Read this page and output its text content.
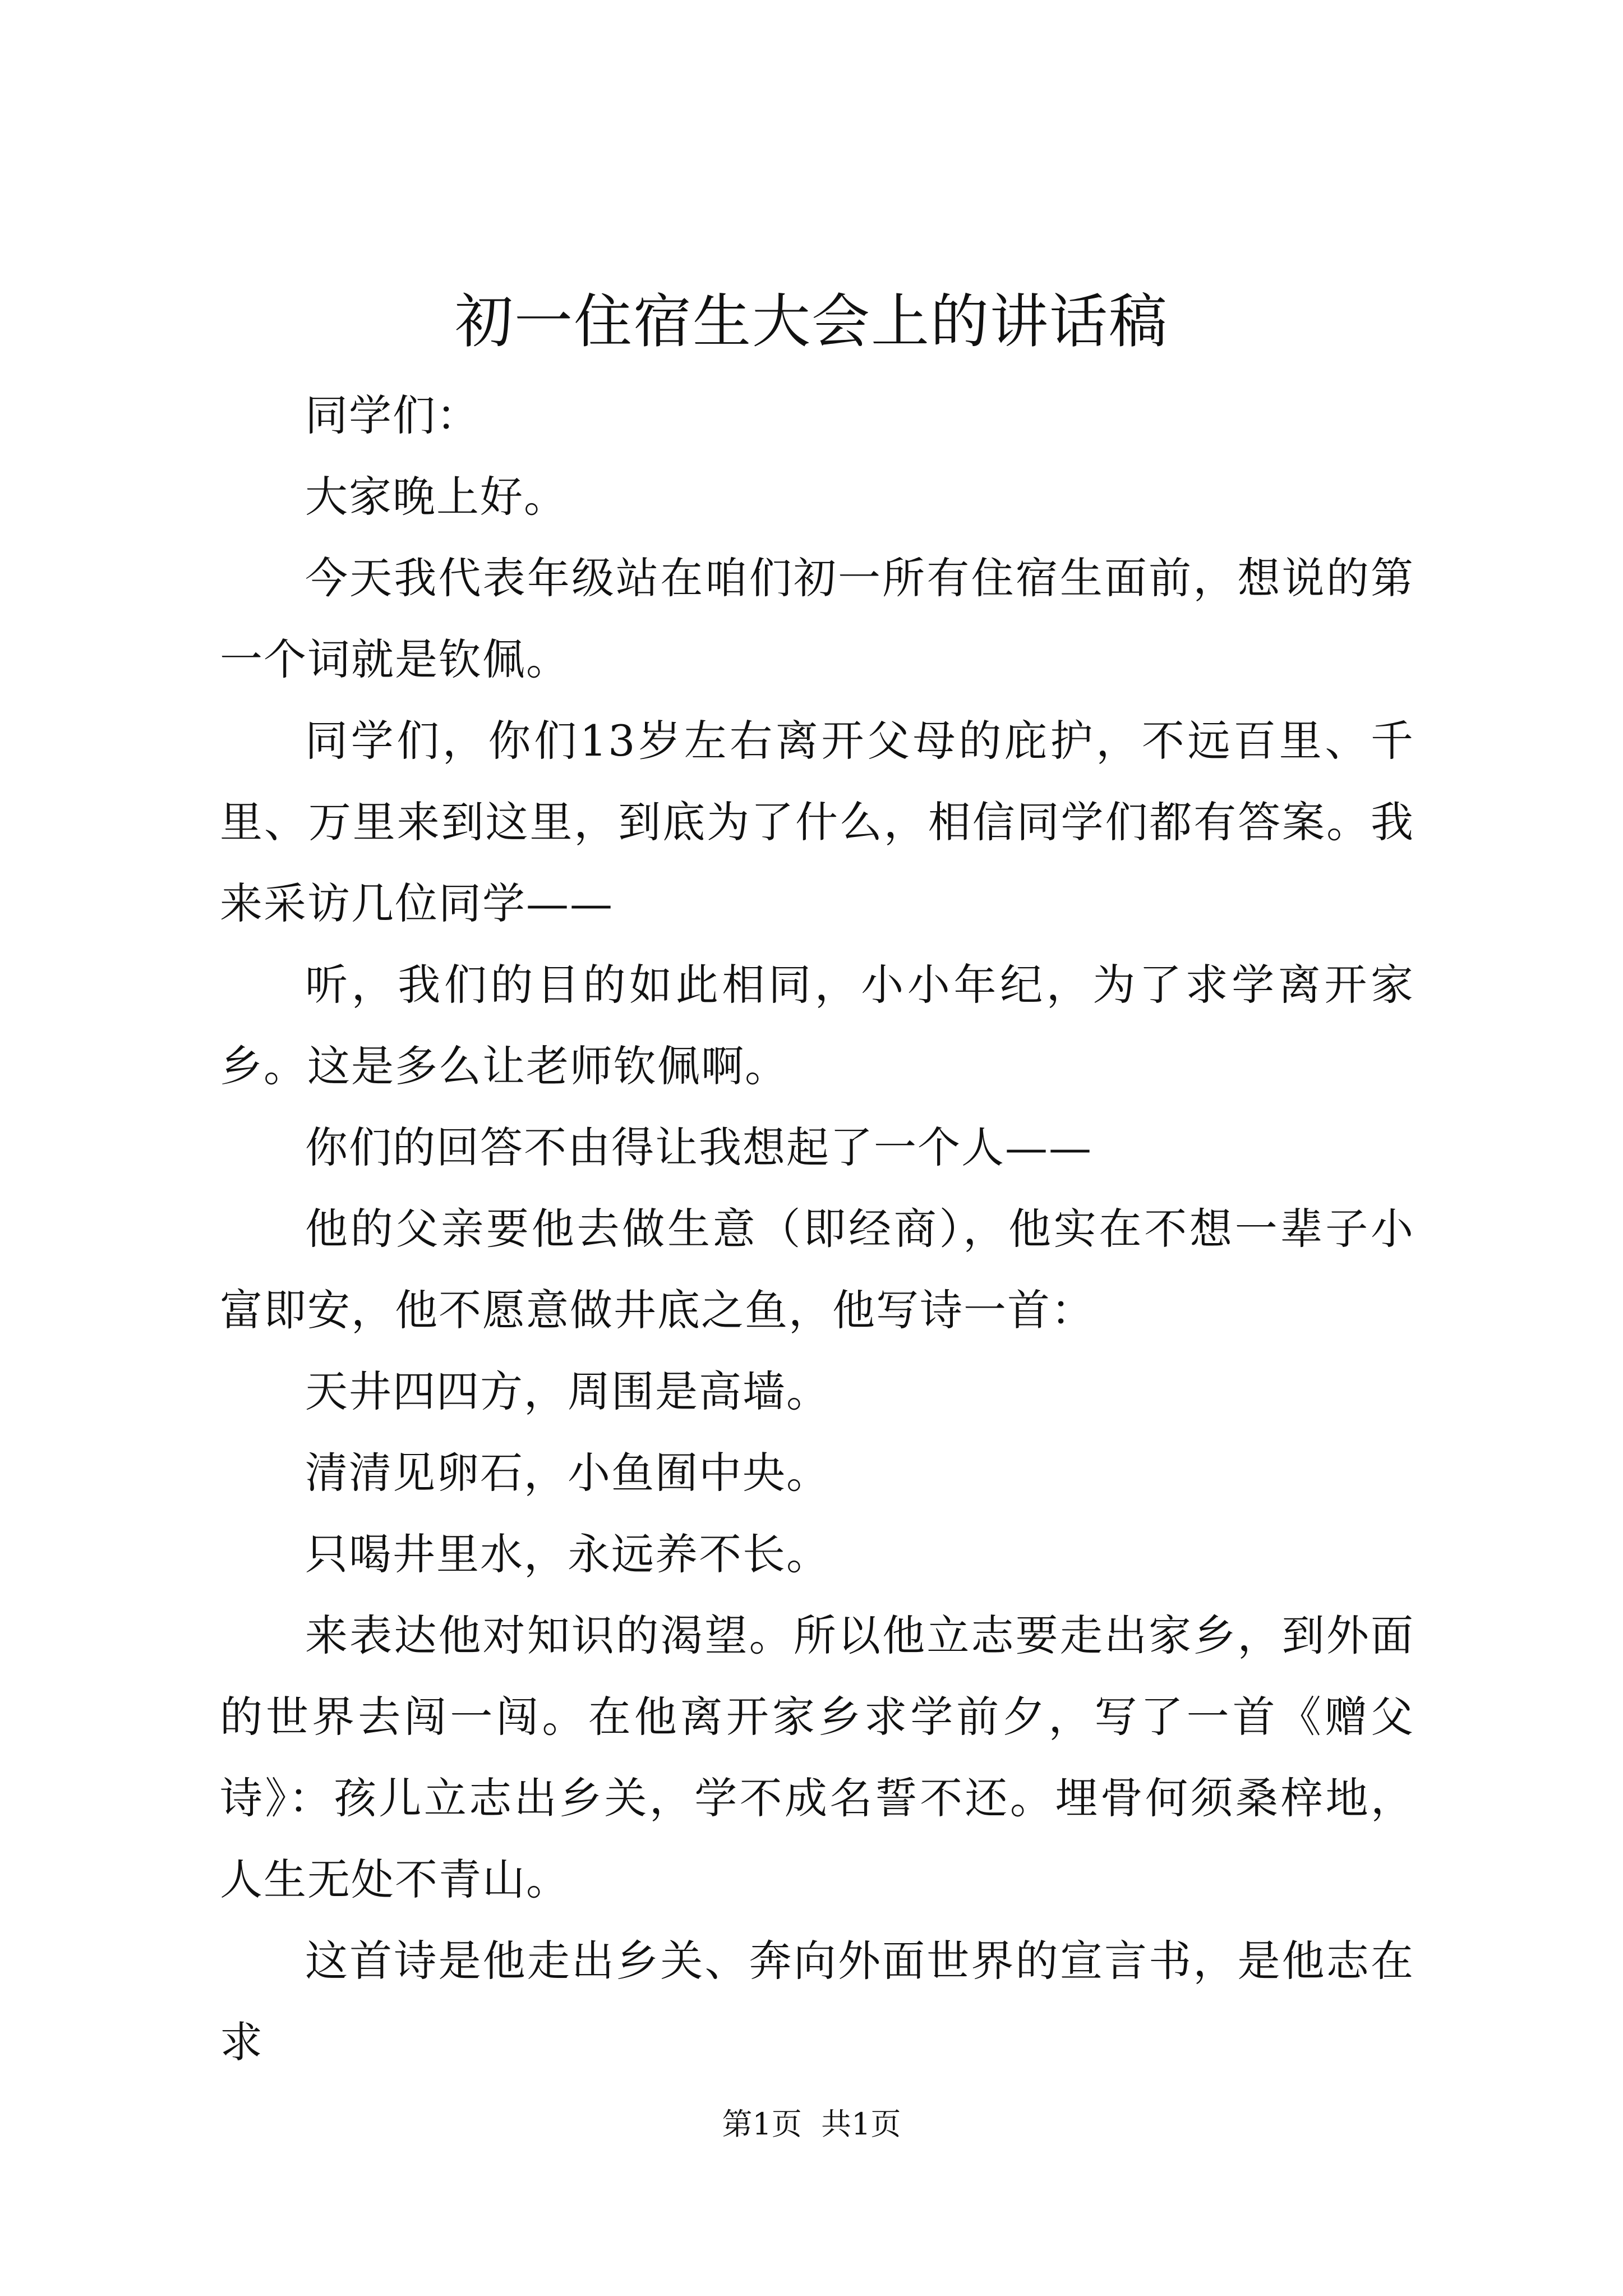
初一住宿生大会上的讲话稿

同学们：

大家晚上好。

今天我代表年级站在咱们初一所有住宿生面前，想说的第一个词就是钦佩。

同学们，你们13岁左右离开父母的庇护，不远百里、千里、万里来到这里，到底为了什么，相信同学们都有答案。我来采访几位同学——

听，我们的目的如此相同，小小年纪，为了求学离开家乡。这是多么让老师钦佩啊。

你们的回答不由得让我想起了一个人——

他的父亲要他去做生意（即经商），他实在不想一辈子小富即安，他不愿意做井底之鱼，他写诗一首：

天井四四方，周围是高墙。

清清见卵石，小鱼囿中央。

只喝井里水，永远养不长。

来表达他对知识的渴望。所以他立志要走出家乡，到外面的世界去闯一闯。在他离开家乡求学前夕，写了一首《赠父诗》：孩儿立志出乡关，学不成名誓不还。埋骨何须桑梓地，人生无处不青山。

这首诗是他走出乡关、奔向外面世界的宣言书，是他志在求

第1页 共1页
